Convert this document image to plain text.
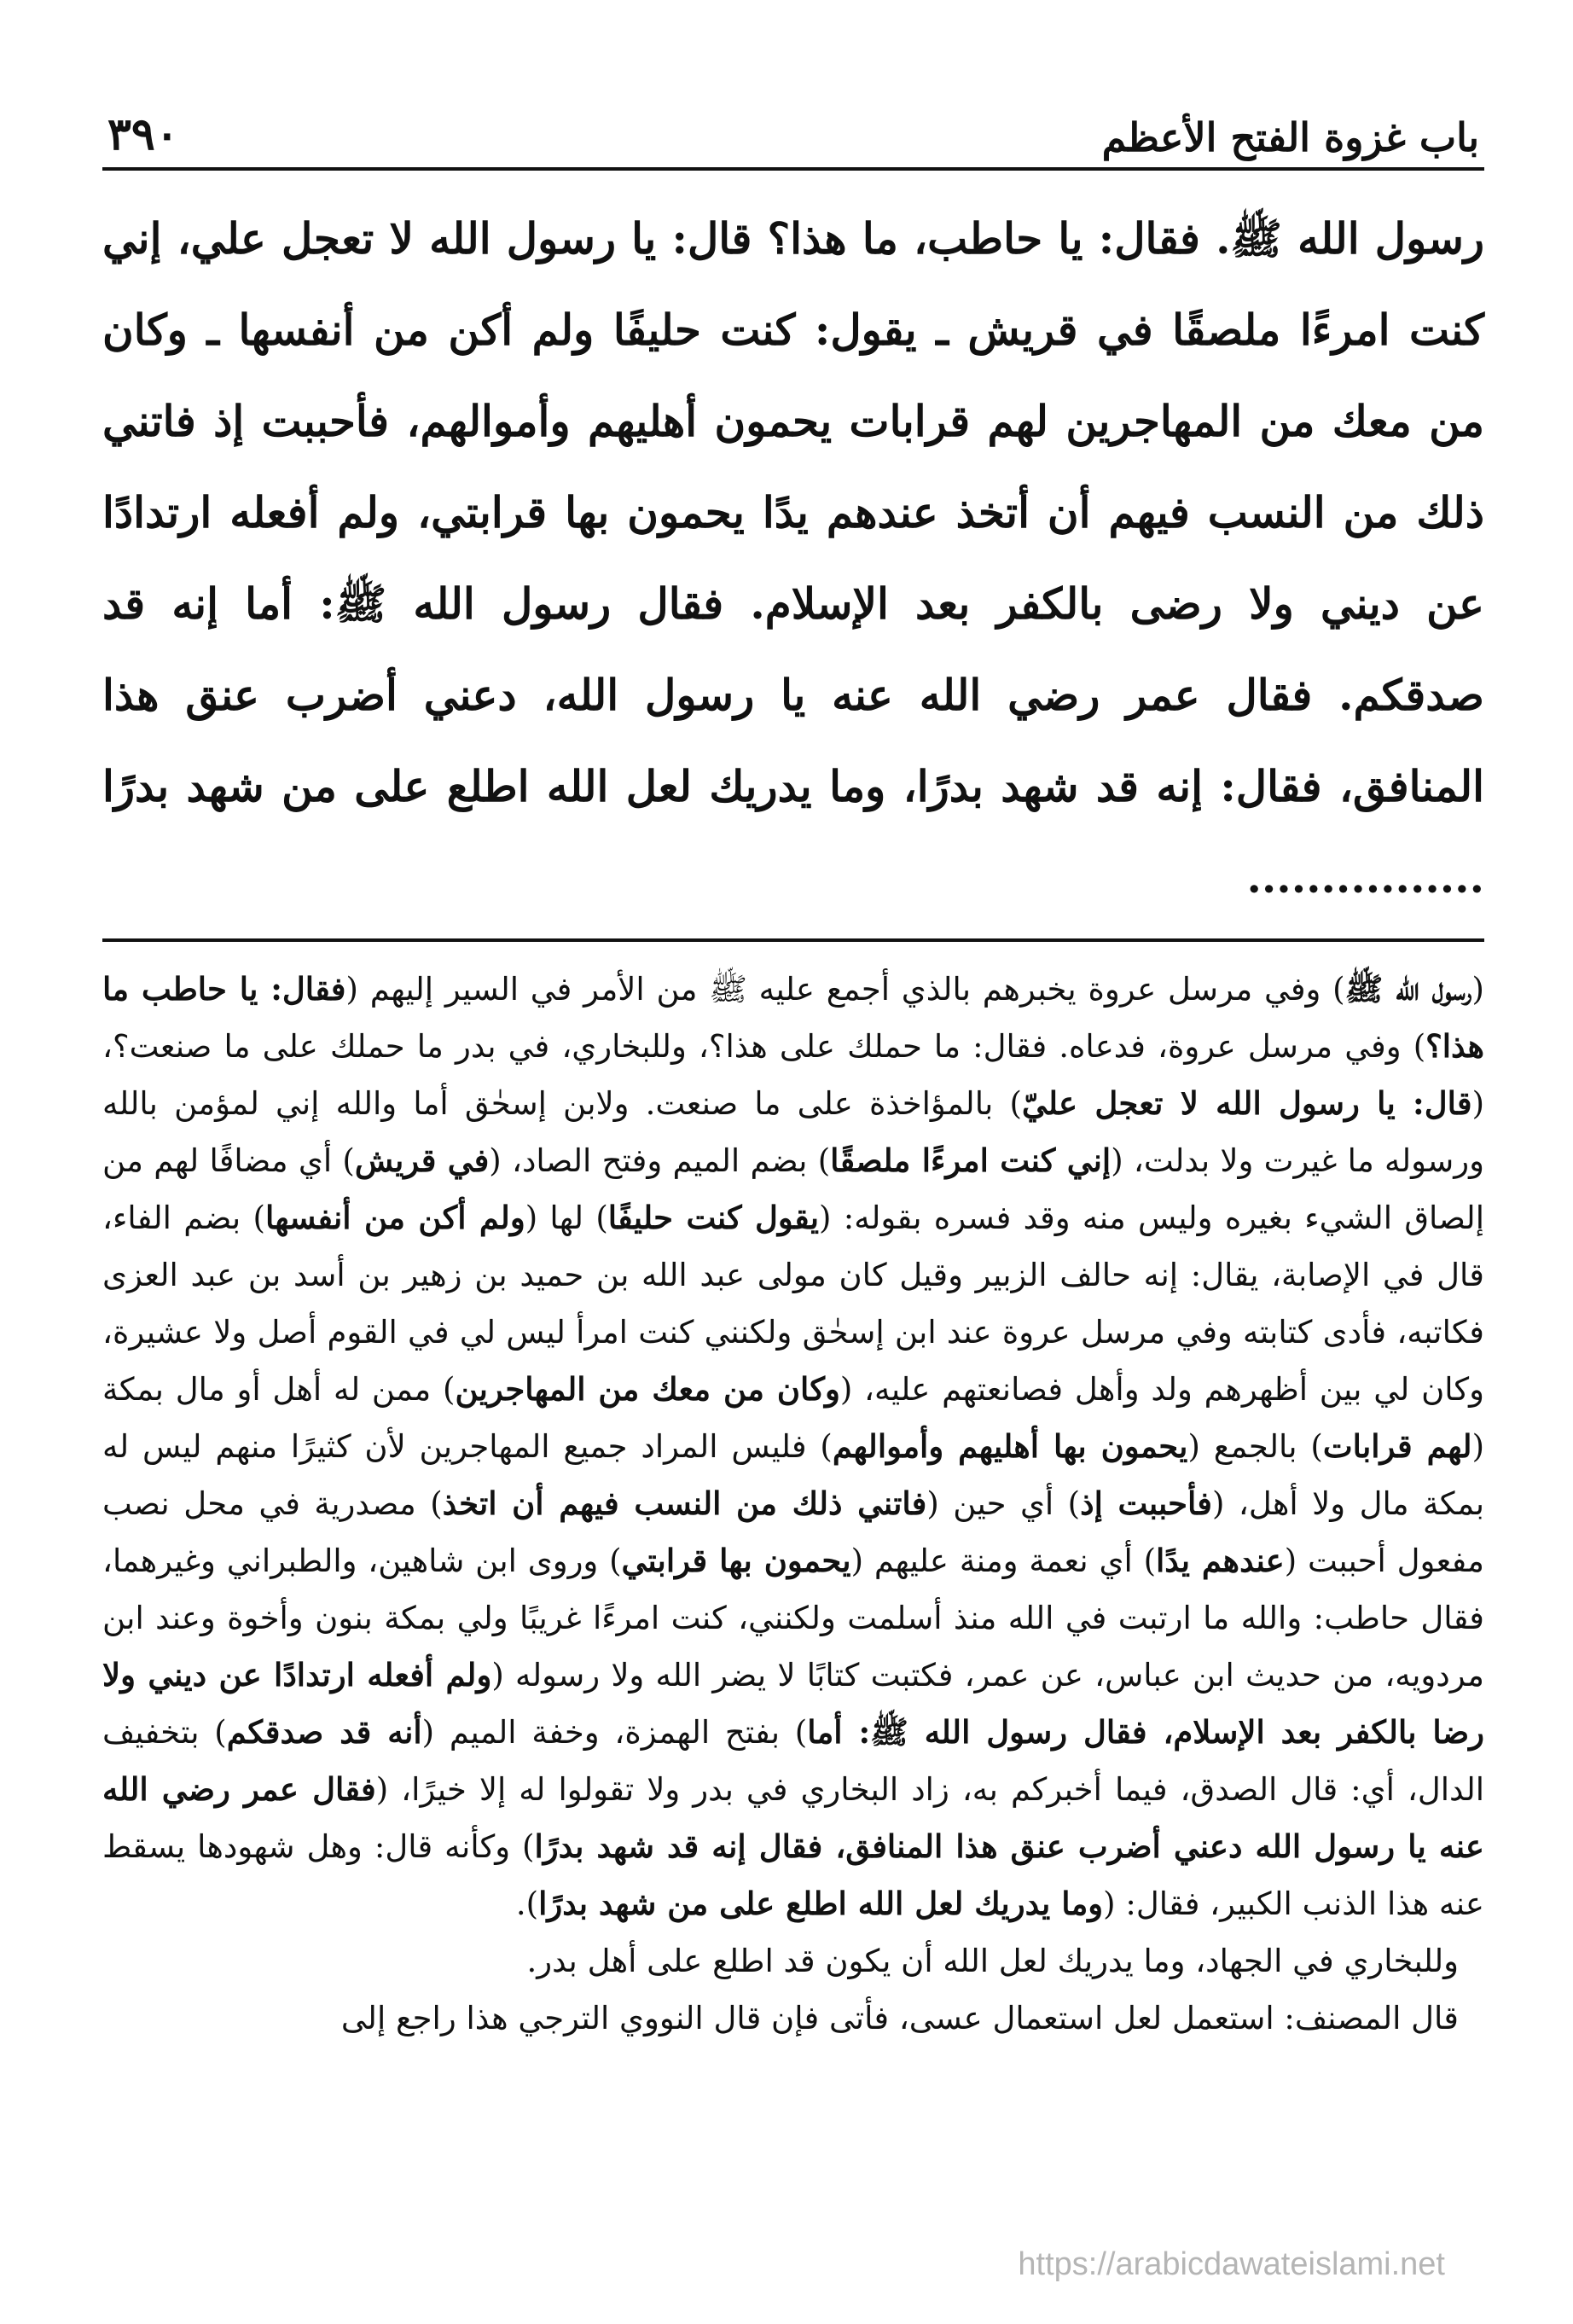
باب غزوة الفتح الأعظم
٣٩٠
رسول الله ﷺ. فقال: يا حاطب، ما هذا؟ قال: يا رسول الله لا تعجل علي، إني كنت امرءًا ملصقًا في قريش ـ يقول: كنت حليفًا ولم أكن من أنفسها ـ وكان من معك من المهاجرين لهم قرابات يحمون أهليهم وأموالهم، فأحببت إذ فاتني ذلك من النسب فيهم أن أتخذ عندهم يدًا يحمون بها قرابتي، ولم أفعله ارتدادًا عن ديني ولا رضى بالكفر بعد الإسلام. فقال رسول الله ﷺ: أما إنه قد صدقكم. فقال عمر رضي الله عنه يا رسول الله، دعني أضرب عنق هذا المنافق، فقال: إنه قد شهد بدرًا، وما يدريك لعل الله اطلع على من شهد بدرًا ................

(رسول الله ﷺ) وفي مرسل عروة يخبرهم بالذي أجمع عليه ﷺ من الأمر في السير إليهم (فقال: يا حاطب ما هذا؟) وفي مرسل عروة، فدعاه. فقال: ما حملك على هذا؟، وللبخاري، في بدر ما حملك على ما صنعت؟، (قال: يا رسول الله لا تعجل عليّ) بالمؤاخذة على ما صنعت. ولابن إسحٰق أما والله إني لمؤمن بالله ورسوله ما غيرت ولا بدلت، (إني كنت امرءًا ملصقًا) بضم الميم وفتح الصاد، (في قريش) أي مضافًا لهم من إلصاق الشيء بغيره وليس منه وقد فسره بقوله: (يقول كنت حليفًا) لها (ولم أكن من أنفسها) بضم الفاء، قال في الإصابة، يقال: إنه حالف الزبير وقيل كان مولى عبد الله بن حميد بن زهير بن أسد بن عبد العزى فكاتبه، فأدى كتابته وفي مرسل عروة عند ابن إسحٰق ولكنني كنت امرأ ليس لي في القوم أصل ولا عشيرة، وكان لي بين أظهرهم ولد وأهل فصانعتهم عليه، (وكان من معك من المهاجرين) ممن له أهل أو مال بمكة (لهم قرابات) بالجمع (يحمون بها أهليهم وأموالهم) فليس المراد جميع المهاجرين لأن كثيرًا منهم ليس له بمكة مال ولا أهل، (فأحببت إذ) أي حين (فاتني ذلك من النسب فيهم أن اتخذ) مصدرية في محل نصب مفعول أحببت (عندهم يدًا) أي نعمة ومنة عليهم (يحمون بها قرابتي) وروى ابن شاهين، والطبراني وغيرهما، فقال حاطب: والله ما ارتبت في الله منذ أسلمت ولكنني، كنت امرءًا غريبًا ولي بمكة بنون وأخوة وعند ابن مردويه، من حديث ابن عباس، عن عمر، فكتبت كتابًا لا يضر الله ولا رسوله (ولم أفعله ارتدادًا عن ديني ولا رضا بالكفر بعد الإسلام، فقال رسول الله ﷺ: أما) بفتح الهمزة، وخفة الميم (أنه قد صدقكم) بتخفيف الدال، أي: قال الصدق، فيما أخبركم به، زاد البخاري في بدر ولا تقولوا له إلا خيرًا، (فقال عمر رضي الله عنه يا رسول الله دعني أضرب عنق هذا المنافق، فقال إنه قد شهد بدرًا) وكأنه قال: وهل شهودها يسقط عنه هذا الذنب الكبير، فقال: (وما يدريك لعل الله اطلع على من شهد بدرًا).

وللبخاري في الجهاد، وما يدريك لعل الله أن يكون قد اطلع على أهل بدر.

قال المصنف: استعمل لعل استعمال عسى، فأتى فإن قال النووي الترجي هذا راجع إلى

https://arabicdawateislami.net
